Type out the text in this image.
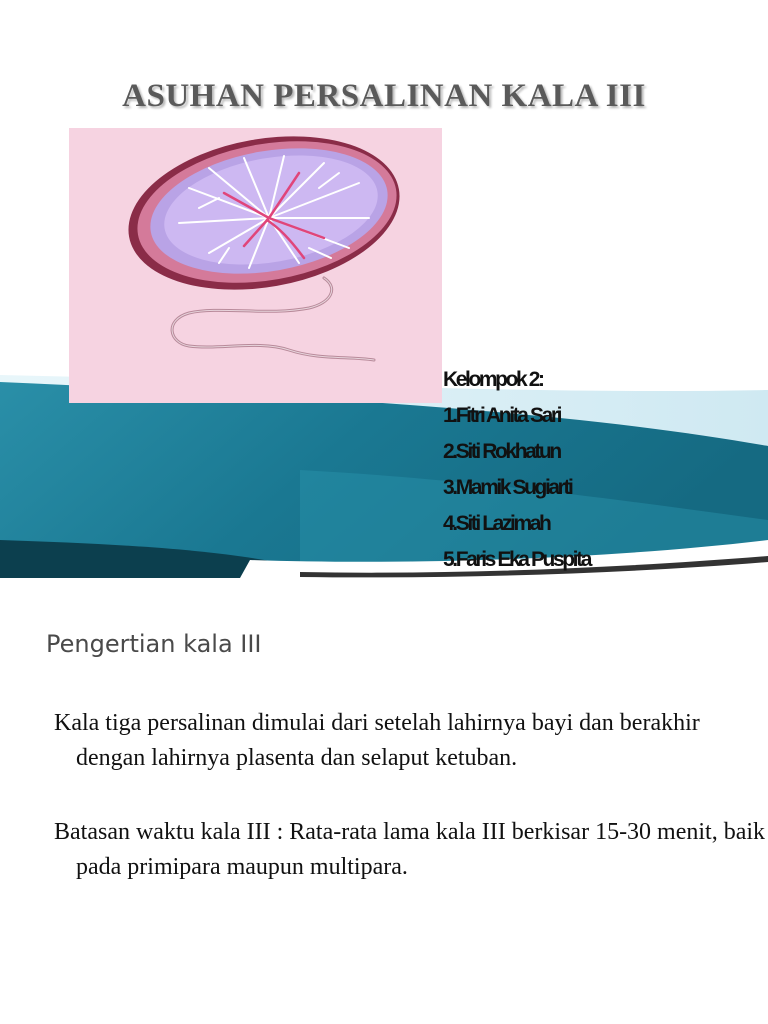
ASUHAN PERSALINAN KALA III
Kelompok 2:
1.Fitri Anita Sari
2.Siti Rokhatun
3.Mamik Sugiarti
4.Siti Lazimah
5.Faris Eka Puspita
Pengertian kala III
Kala tiga persalinan dimulai dari setelah lahirnya bayi dan berakhir dengan lahirnya plasenta dan selaput ketuban.
Batasan waktu kala III : Rata-rata lama kala III berkisar 15-30 menit, baik pada primipara maupun multipara.
